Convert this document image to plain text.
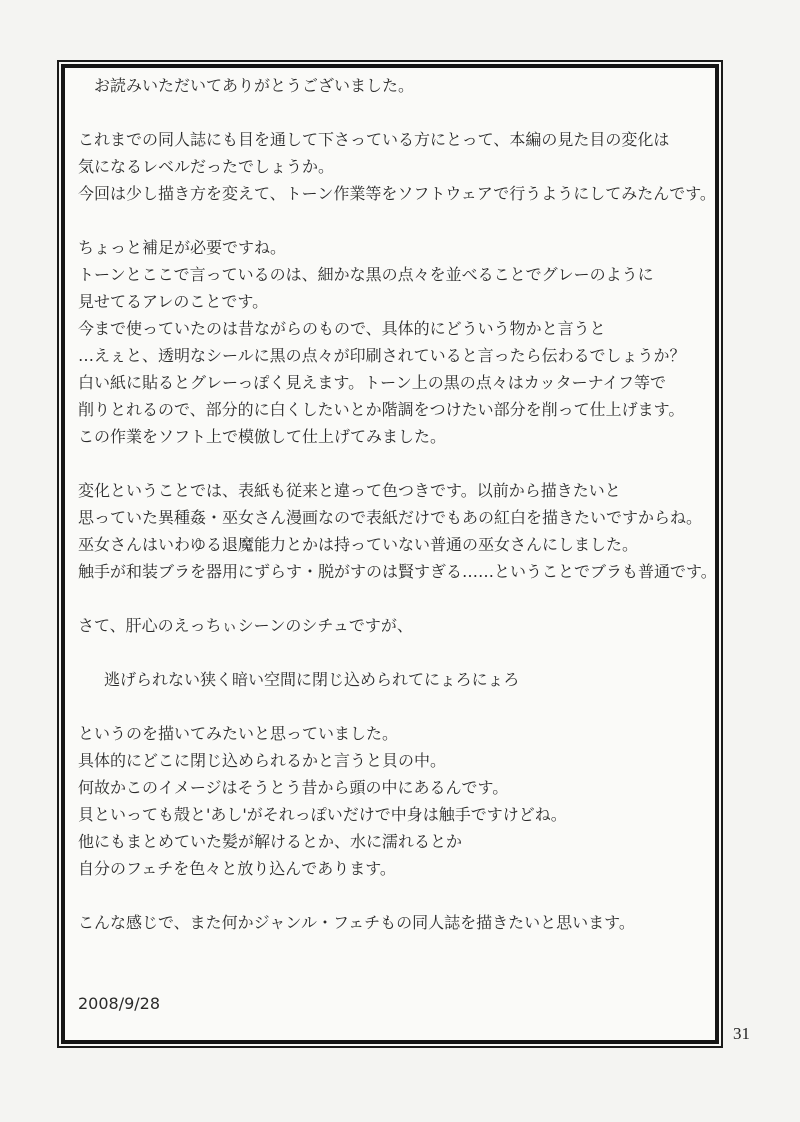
お読みいただいてありがとうございました。

これまでの同人誌にも目を通して下さっている方にとって、本編の見た目の変化は
気になるレベルだったでしょうか。
今回は少し描き方を変えて、トーン作業等をソフトウェアで行うようにしてみたんです。

ちょっと補足が必要ですね。
トーンとここで言っているのは、細かな黒の点々を並べることでグレーのように
見せてるアレのことです。
今まで使っていたのは昔ながらのもので、具体的にどういう物かと言うと
…えぇと、透明なシールに黒の点々が印刷されていると言ったら伝わるでしょうか？
白い紙に貼るとグレーっぽく見えます。トーン上の黒の点々はカッターナイフ等で
削りとれるので、部分的に白くしたいとか階調をつけたい部分を削って仕上げます。
この作業をソフト上で模倣して仕上げてみました。

変化ということでは、表紙も従来と違って色つきです。以前から描きたいと
思っていた異種姦・巫女さん漫画なので表紙だけでもあの紅白を描きたいですからね。
巫女さんはいわゆる退魔能力とかは持っていない普通の巫女さんにしました。
触手が和装ブラを器用にずらす・脱がすのは賢すぎる……ということでブラも普通です。

さて、肝心のえっちぃシーンのシチュですが、

逃げられない狭く暗い空間に閉じ込められてにょろにょろ

というのを描いてみたいと思っていました。
具体的にどこに閉じ込められるかと言うと貝の中。
何故かこのイメージはそうとう昔から頭の中にあるんです。
貝といっても殻と'あし'がそれっぽいだけで中身は触手ですけどね。
他にもまとめていた髪が解けるとか、水に濡れるとか
自分のフェチを色々と放り込んであります。

こんな感じで、また何かジャンル・フェチもの同人誌を描きたいと思います。

2008/9/28

31
